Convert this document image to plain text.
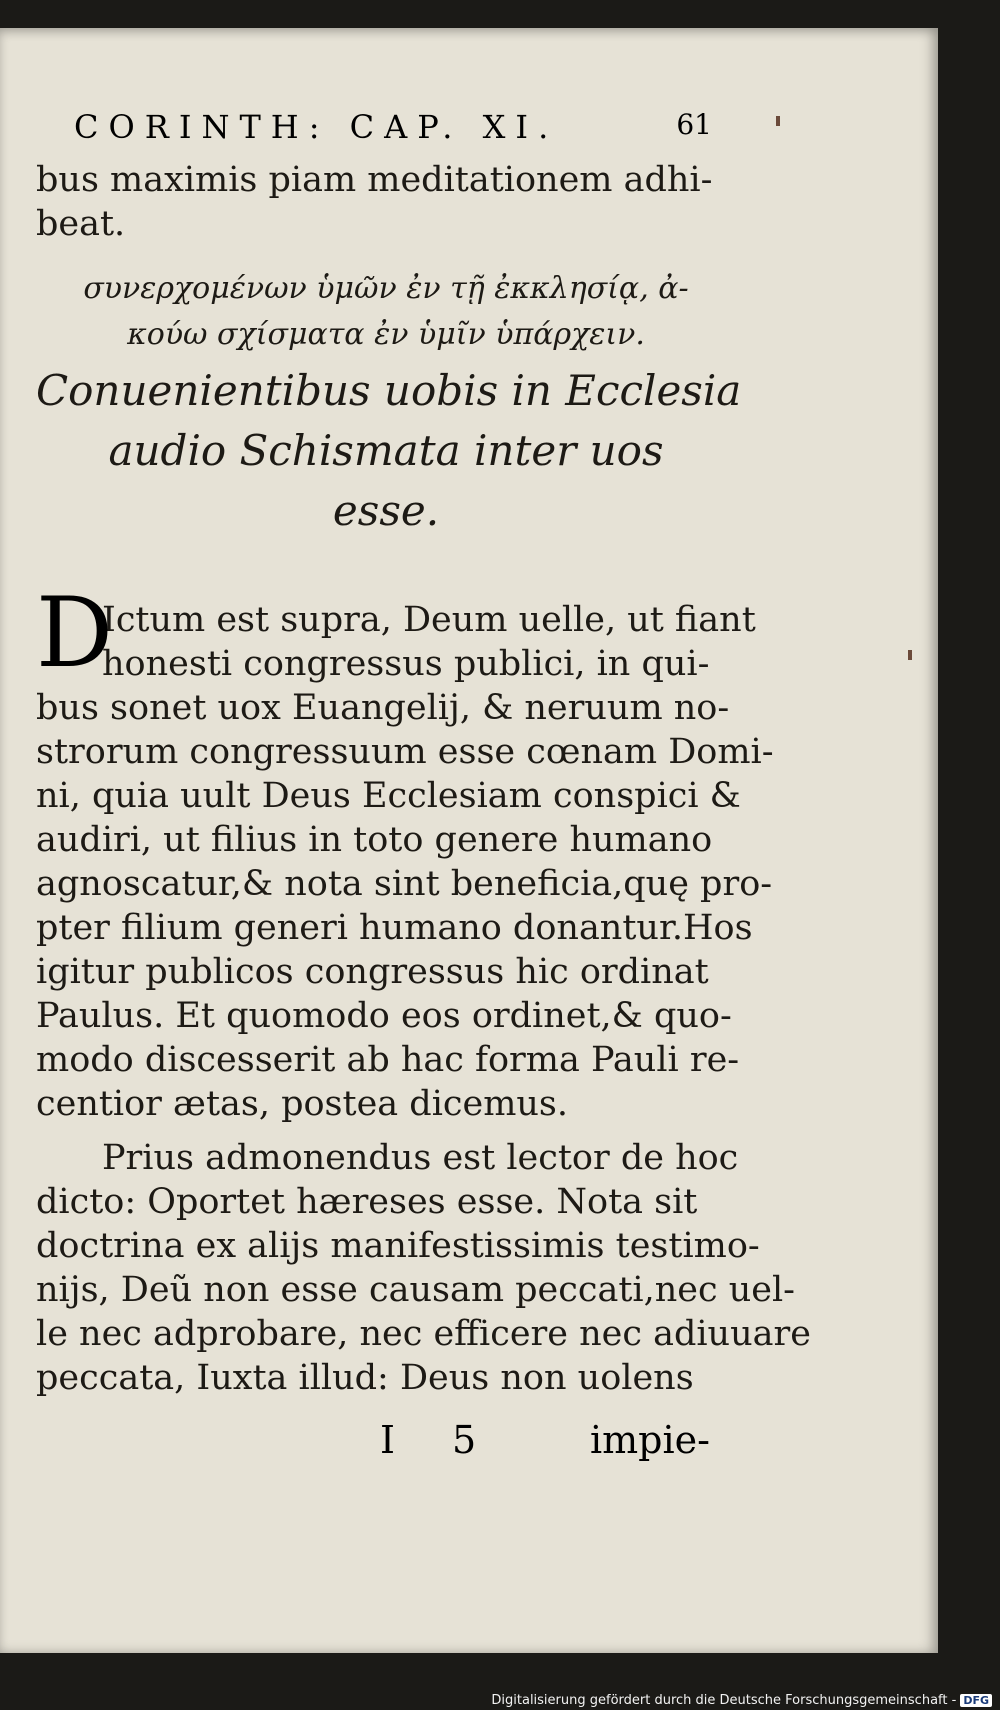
CORINTH: CAP. XI.	61
bus maximis piam meditationem adhi-
beat.
συνερχομένων ὑμῶν ἐν τῇ ἐκκλησίᾳ, ἀ-
κούω σχίσματα ἐν ὑμῖν ὑπάρχειν.
Conuenientibus uobis in Ecclesia
audio Schismata inter uos
esse.
Ictum est supra, Deum uelle, ut fiant
honesti congressus publici, in qui-
bus sonet uox Euangelij, & neruum no-
strorum congressuum esse cœnam Domi-
ni, quia uult Deus Ecclesiam conspici &
audiri, ut filius in toto genere humano
agnoscatur,& nota sint beneficia,quę pro-
pter filium generi humano donantur.Hos
igitur publicos congressus hic ordinat
Paulus. Et quomodo eos ordinet,& quo-
modo discesserit ab hac forma Pauli re-
centior ætas, postea dicemus.
Prius admonendus est lector de hoc
dicto: Oportet hæreses esse. Nota sit
doctrina ex alijs manifestissimis testimo-
nijs, Deũ non esse causam peccati,nec uel-
le nec adprobare, nec efficere nec adiuuare
peccata, Iuxta illud: Deus non uolens
D
I 5	impie-
Digitalisierung gefördert durch die Deutsche Forschungsgemeinschaft - DFG
